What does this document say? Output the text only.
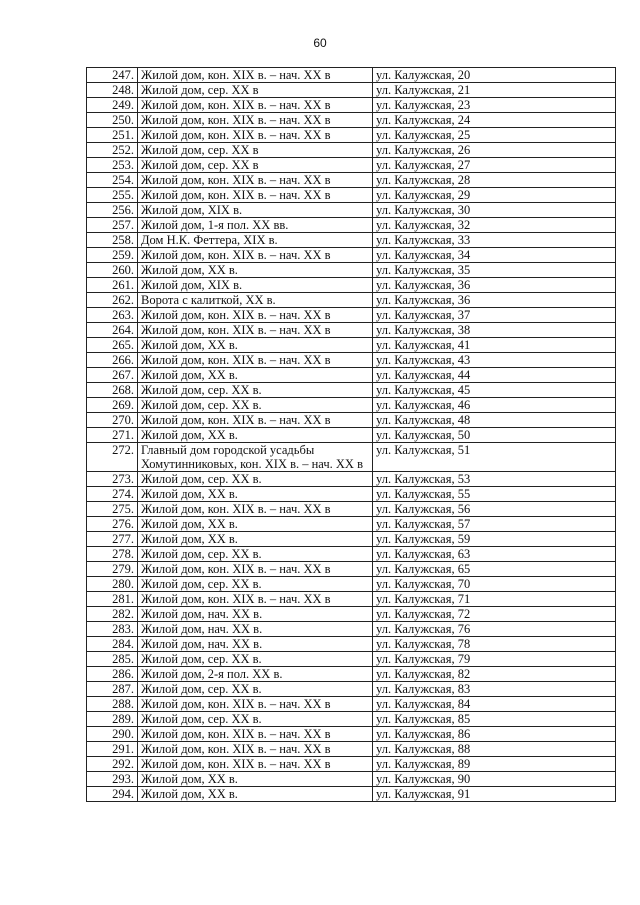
60
247.	Жилой дом, кон. XIX в. – нач. XX в	ул. Калужская, 20
248.	Жилой дом, сер. XX в	ул. Калужская, 21
249.	Жилой дом, кон. XIX в. – нач. XX в	ул. Калужская, 23
250.	Жилой дом, кон. XIX в. – нач. XX в	ул. Калужская, 24
251.	Жилой дом, кон. XIX в. – нач. XX в	ул. Калужская, 25
252.	Жилой дом, сер. XX в	ул. Калужская, 26
253.	Жилой дом, сер. XX в	ул. Калужская, 27
254.	Жилой дом, кон. XIX в. – нач. XX в	ул. Калужская, 28
255.	Жилой дом, кон. XIX в. – нач. XX в	ул. Калужская, 29
256.	Жилой дом, XIX в.	ул. Калужская, 30
257.	Жилой дом, 1-я пол. XX вв.	ул. Калужская, 32
258.	Дом Н.К. Феттера, XIX в.	ул. Калужская, 33
259.	Жилой дом, кон. XIX в. – нач. XX в	ул. Калужская, 34
260.	Жилой дом, XX в.	ул. Калужская, 35
261.	Жилой дом, XIX в.	ул. Калужская, 36
262.	Ворота с калиткой, XX в.	ул. Калужская, 36
263.	Жилой дом, кон. XIX в. – нач. XX в	ул. Калужская, 37
264.	Жилой дом, кон. XIX в. – нач. XX в	ул. Калужская, 38
265.	Жилой дом, XX в.	ул. Калужская, 41
266.	Жилой дом, кон. XIX в. – нач. XX в	ул. Калужская, 43
267.	Жилой дом, XX в.	ул. Калужская, 44
268.	Жилой дом, сер. XX в.	ул. Калужская, 45
269.	Жилой дом, сер. XX в.	ул. Калужская, 46
270.	Жилой дом, кон. XIX в. – нач. XX в	ул. Калужская, 48
271.	Жилой дом, XX в.	ул. Калужская, 50
272.	Главный дом городской усадьбы Хомутинниковых, кон. XIX в. – нач. XX в	ул. Калужская, 51
273.	Жилой дом, сер. XX в.	ул. Калужская, 53
274.	Жилой дом, XX в.	ул. Калужская, 55
275.	Жилой дом, кон. XIX в. – нач. XX в	ул. Калужская, 56
276.	Жилой дом, XX в.	ул. Калужская, 57
277.	Жилой дом, XX в.	ул. Калужская, 59
278.	Жилой дом, сер. XX в.	ул. Калужская, 63
279.	Жилой дом, кон. XIX в. – нач. XX в	ул. Калужская, 65
280.	Жилой дом, сер. XX в.	ул. Калужская, 70
281.	Жилой дом, кон. XIX в. – нач. XX в	ул. Калужская, 71
282.	Жилой дом, нач. XX в.	ул. Калужская, 72
283.	Жилой дом, нач. XX в.	ул. Калужская, 76
284.	Жилой дом, нач. XX в.	ул. Калужская, 78
285.	Жилой дом, сер. XX в.	ул. Калужская, 79
286.	Жилой дом, 2-я пол. XX в.	ул. Калужская, 82
287.	Жилой дом, сер. XX в.	ул. Калужская, 83
288.	Жилой дом, кон. XIX в. – нач. XX в	ул. Калужская, 84
289.	Жилой дом, сер. XX в.	ул. Калужская, 85
290.	Жилой дом, кон. XIX в. – нач. XX в	ул. Калужская, 86
291.	Жилой дом, кон. XIX в. – нач. XX в	ул. Калужская, 88
292.	Жилой дом, кон. XIX в. – нач. XX в	ул. Калужская, 89
293.	Жилой дом, XX в.	ул. Калужская, 90
294.	Жилой дом, XX в.	ул. Калужская, 91
